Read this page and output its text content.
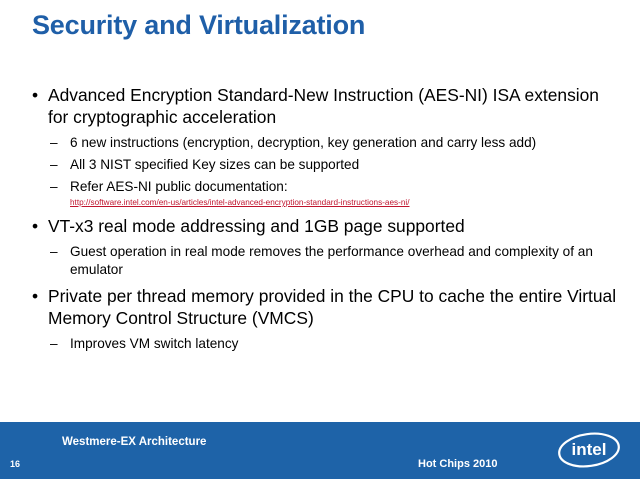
Security and Virtualization
• Advanced Encryption Standard-New Instruction (AES-NI) ISA extension for cryptographic acceleration
– 6 new instructions (encryption, decryption, key generation and carry less add)
– All 3 NIST specified Key sizes can be supported
– Refer AES-NI public documentation:
http://software.intel.com/en-us/articles/intel-advanced-encryption-standard-instructions-aes-ni/
• VT-x3 real mode addressing and 1GB page supported
– Guest operation in real mode removes the performance overhead and complexity of an emulator
• Private per thread memory provided in the CPU to cache the entire Virtual Memory Control Structure (VMCS)
– Improves VM switch latency
Westmere-EX Architecture
16	Hot Chips 2010
intel
